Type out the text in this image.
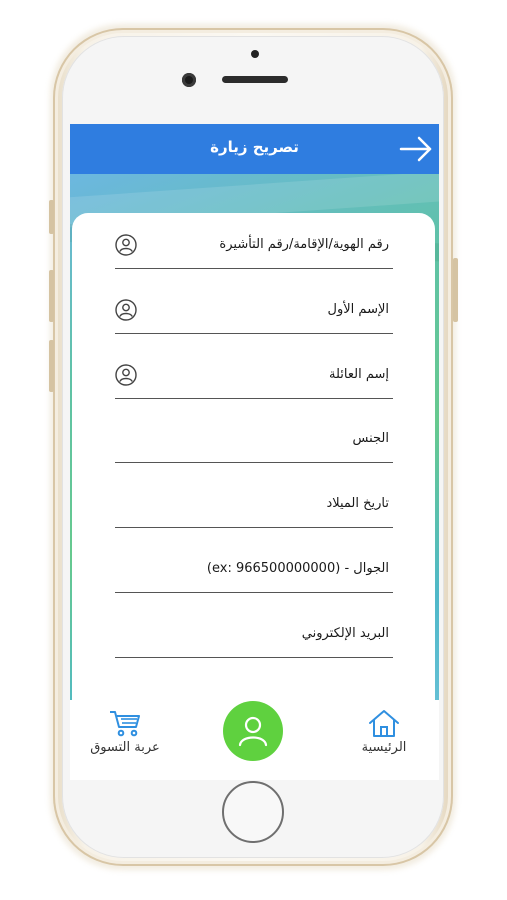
تصريح زيارة
رقم الهوية/الإقامة/رقم التأشيرة
الإسم الأول
إسم العائلة
الجنس
تاريخ الميلاد
الجوال - (ex: 966500000000)
البريد الإلكتروني
عربة التسوق	الرئيسية
